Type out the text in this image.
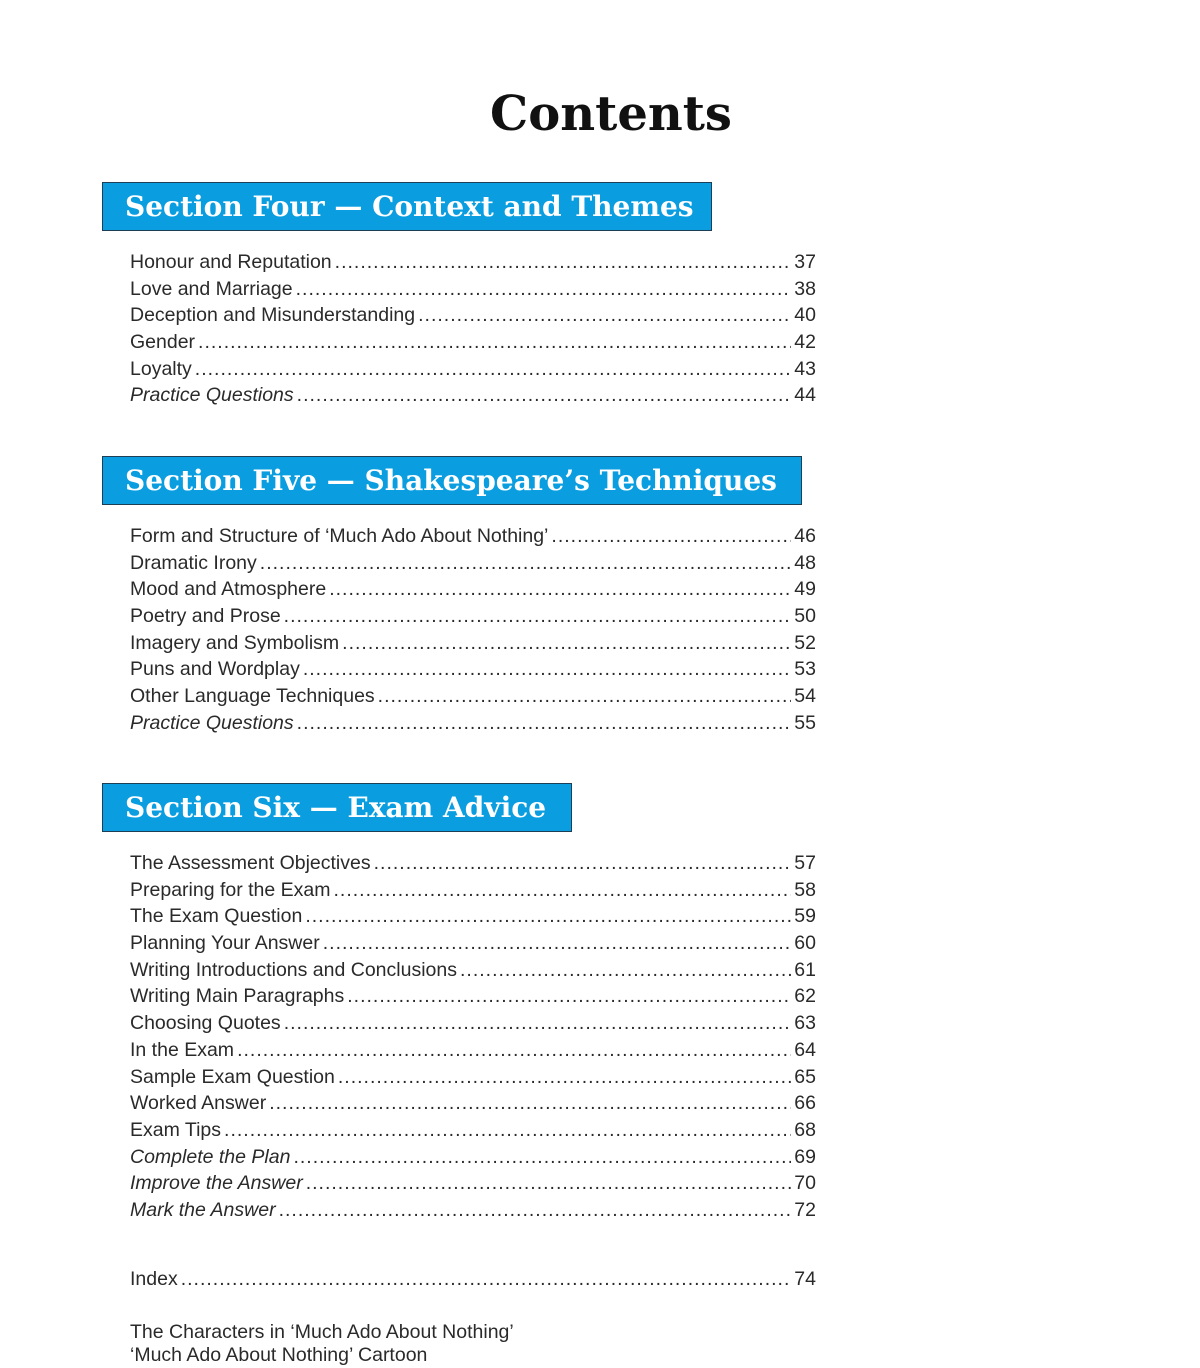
Contents
Section Four — Context and Themes
Honour and Reputation .....	37
Love and Marriage .....	38
Deception and Misunderstanding .....	40
Gender .....	42
Loyalty .....	43
Practice Questions .....	44
Section Five — Shakespeare’s Techniques
Form and Structure of ‘Much Ado About Nothing’ .....	46
Dramatic Irony .....	48
Mood and Atmosphere .....	49
Poetry and Prose .....	50
Imagery and Symbolism .....	52
Puns and Wordplay .....	53
Other Language Techniques .....	54
Practice Questions .....	55
Section Six — Exam Advice
The Assessment Objectives .....	57
Preparing for the Exam .....	58
The Exam Question .....	59
Planning Your Answer .....	60
Writing Introductions and Conclusions .....	61
Writing Main Paragraphs .....	62
Choosing Quotes .....	63
In the Exam .....	64
Sample Exam Question .....	65
Worked Answer .....	66
Exam Tips .....	68
Complete the Plan .....	69
Improve the Answer .....	70
Mark the Answer .....	72
Index .....	74
The Characters in ‘Much Ado About Nothing’
‘Much Ado About Nothing’ Cartoon
